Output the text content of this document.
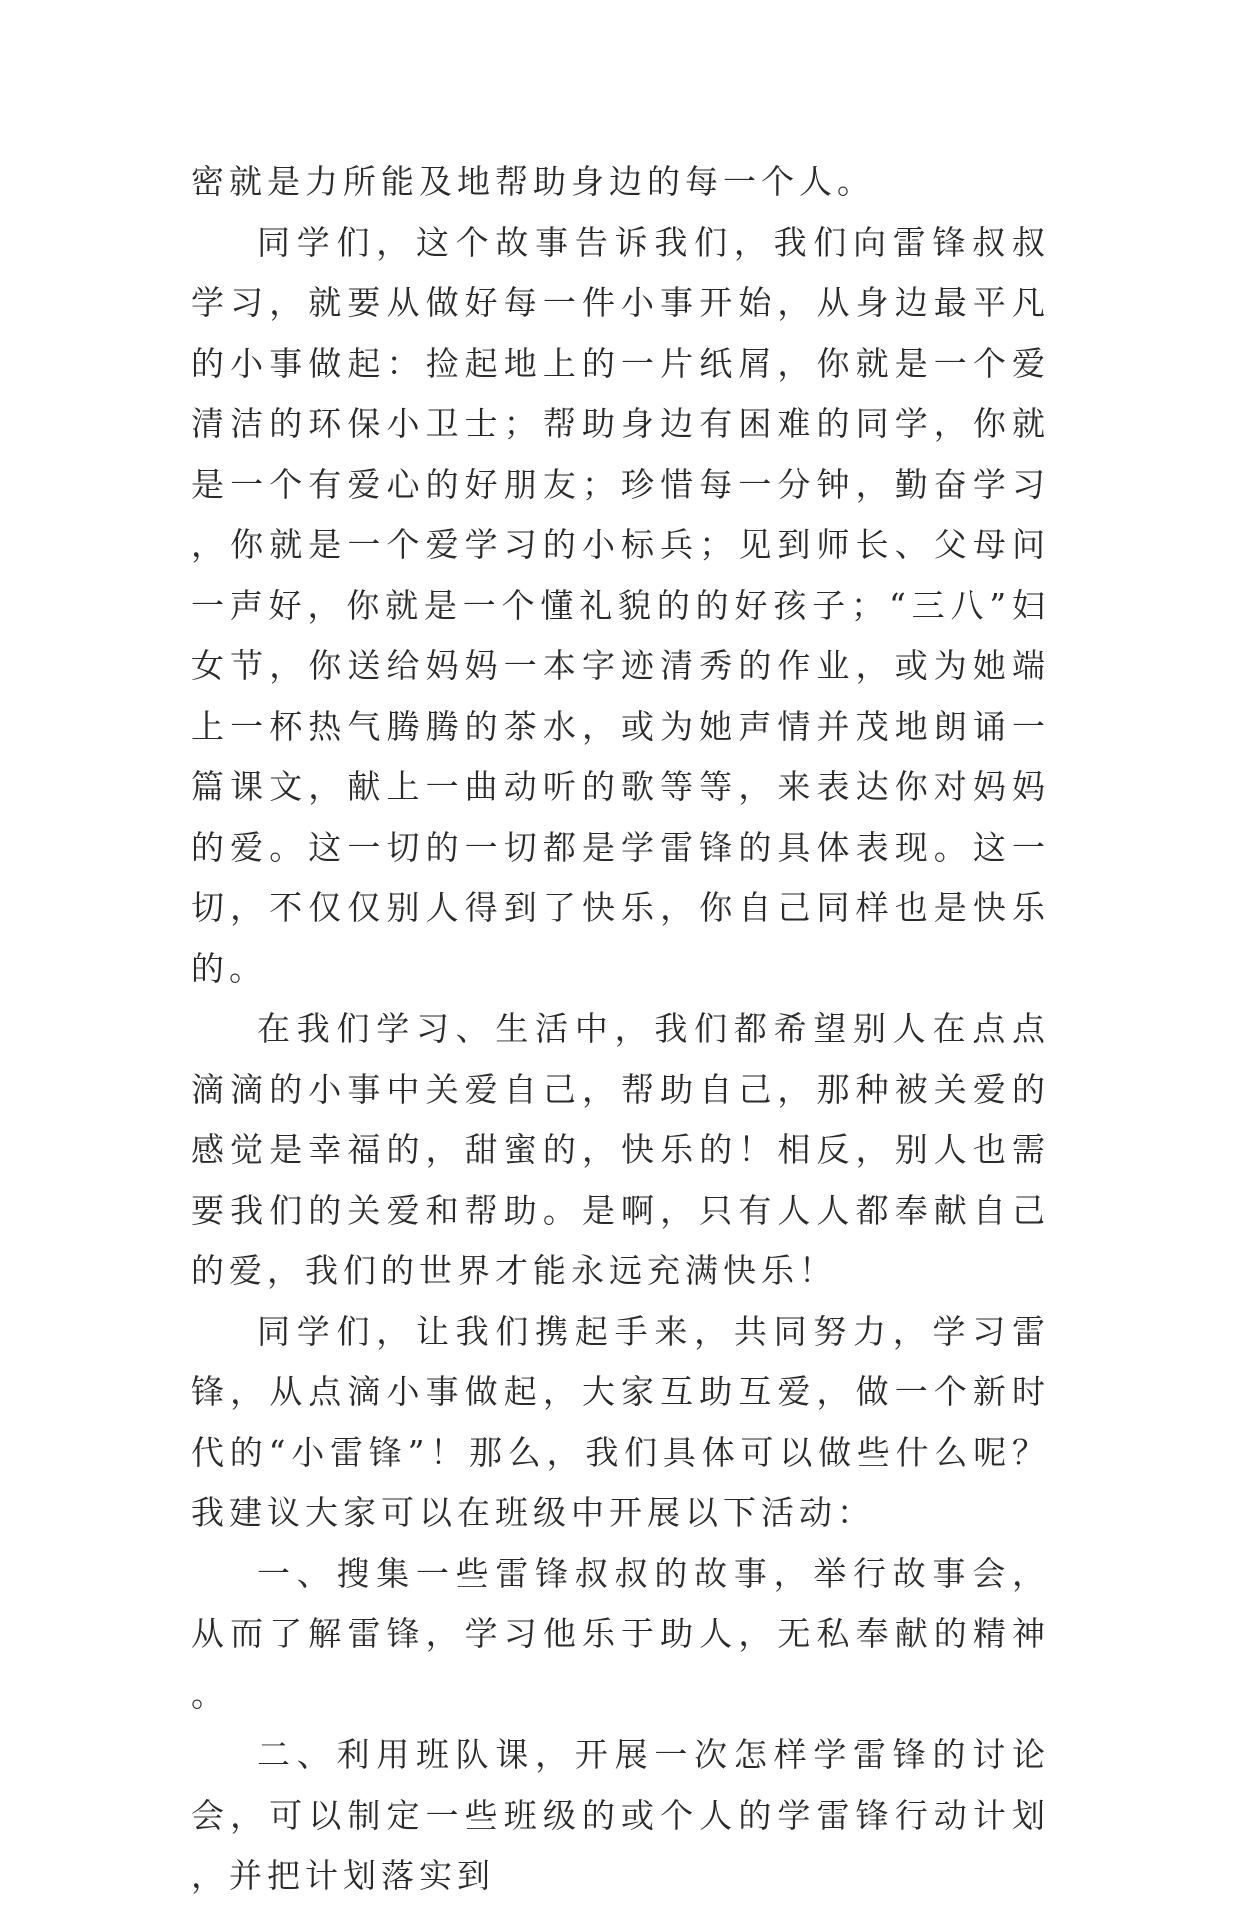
密就是力所能及地帮助身边的每一个人。

同学们，这个故事告诉我们，我们向雷锋叔叔学习，就要从做好每一件小事开始，从身边最平凡的小事做起：捡起地上的一片纸屑，你就是一个爱清洁的环保小卫士；帮助身边有困难的同学，你就是一个有爱心的好朋友；珍惜每一分钟，勤奋学习，你就是一个爱学习的小标兵；见到师长、父母问一声好，你就是一个懂礼貌的的好孩子；“三八”妇女节，你送给妈妈一本字迹清秀的作业，或为她端上一杯热气腾腾的茶水，或为她声情并茂地朗诵一篇课文，献上一曲动听的歌等等，来表达你对妈妈的爱。这一切的一切都是学雷锋的具体表现。这一切，不仅仅别人得到了快乐，你自己同样也是快乐的。

在我们学习、生活中，我们都希望别人在点点滴滴的小事中关爱自己，帮助自己，那种被关爱的感觉是幸福的，甜蜜的，快乐的！相反，别人也需要我们的关爱和帮助。是啊，只有人人都奉献自己的爱，我们的世界才能永远充满快乐！

同学们，让我们携起手来，共同努力，学习雷锋，从点滴小事做起，大家互助互爱，做一个新时代的“小雷锋”！那么，我们具体可以做些什么呢？我建议大家可以在班级中开展以下活动：

一、搜集一些雷锋叔叔的故事，举行故事会，从而了解雷锋，学习他乐于助人，无私奉献的精神。

二、利用班队课，开展一次怎样学雷锋的讨论会，可以制定一些班级的或个人的学雷锋行动计划，并把计划落实到
